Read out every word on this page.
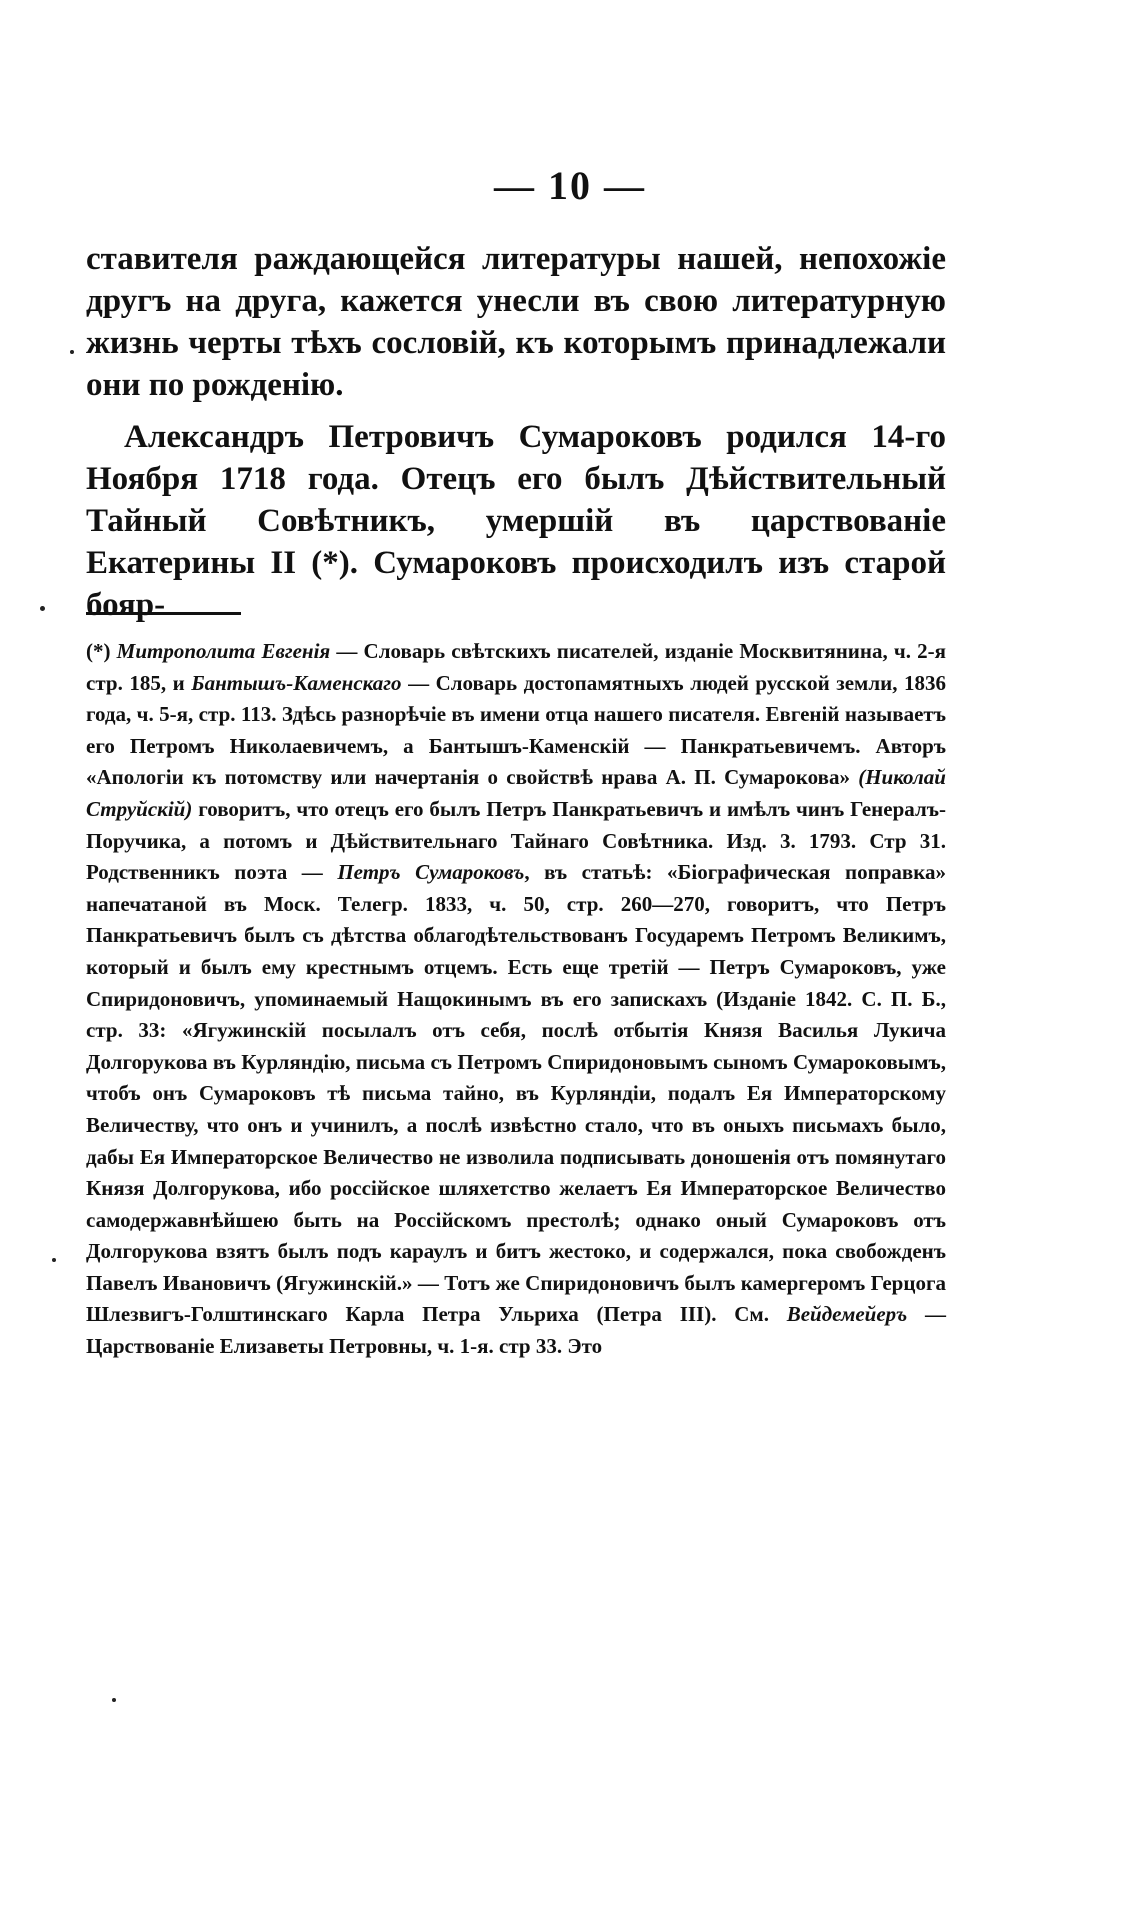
— 10 —

ставителя раждающейся литературы нашей, непохожіе другъ на друга, кажется унесли въ свою литературную жизнь черты тѣхъ сословій, къ которымъ принадлежали они по рожденію.

Александръ Петровичъ Сумароковъ родился 14-го Ноября 1718 года. Отецъ его былъ Дѣйствительный Тайный Совѣтникъ, умершій въ царствованіе Екатерины II (*). Сумароковъ происходилъ изъ старой бояр-

(*) Митрополита Евгенія — Словарь свѣтскихъ писателей, изданіе Москвитянина, ч. 2-я стр. 185, и Бантышъ-Каменскаго — Словарь достопамятныхъ людей русской земли, 1836 года, ч. 5-я, стр. 113. Здѣсь разнорѣчіе въ имени отца нашего писателя. Евгеній называетъ его Петромъ Николаевичемъ, а Бантышъ-Каменскій — Панкратьевичемъ. Авторъ «Апологіи къ потомству или начертанія о свойствѣ нрава А. П. Сумарокова» (Николай Струйскій) говоритъ, что отецъ его былъ Петръ Панкратьевичъ и имѣлъ чинъ Генералъ-Поручика, а потомъ и Дѣйствительнаго Тайнаго Совѣтника. Изд. 3. 1793. Стр 31. Родственникъ поэта — Петръ Сумароковъ, въ статьѣ: «Біографическая поправка» напечатаной въ Моск. Телегр. 1833, ч. 50, стр. 260—270, говоритъ, что Петръ Панкратьевичъ былъ съ дѣтства облагодѣтельствованъ Государемъ Петромъ Великимъ, который и былъ ему крестнымъ отцемъ. Есть еще третій — Петръ Сумароковъ, уже Спиридоновичъ, упоминаемый Нащокинымъ въ его запискахъ (Изданіе 1842. С. П. Б., стр. 33: «Ягужинскій посылалъ отъ себя, послѣ отбытія Князя Василья Лукича Долгорукова въ Курляндію, письма съ Петромъ Спиридоновымъ сыномъ Сумароковымъ, чтобъ онъ Сумароковъ тѣ письма тайно, въ Курляндіи, подалъ Ея Императорскому Величеству, что онъ и учинилъ, а послѣ извѣстно стало, что въ оныхъ письмахъ было, дабы Ея Императорское Величество не изволила подписывать доношенія отъ помянутаго Князя Долгорукова, ибо россійское шляхетство желаетъ Ея Императорское Величество самодержавнѣйшею быть на Россійскомъ престолѣ; однако оный Сумароковъ отъ Долгорукова взятъ былъ подъ караулъ и битъ жестоко, и содержался, пока свобожденъ Павелъ Ивановичъ (Ягужинскій.» — Тотъ же Спиридоновичъ былъ камергеромъ Герцога Шлезвигъ-Голштинскаго Карла Петра Ульриха (Петра III). См. Вейдемейеръ — Царствованіе Елизаветы Петровны, ч. 1-я. стр 33. Это
